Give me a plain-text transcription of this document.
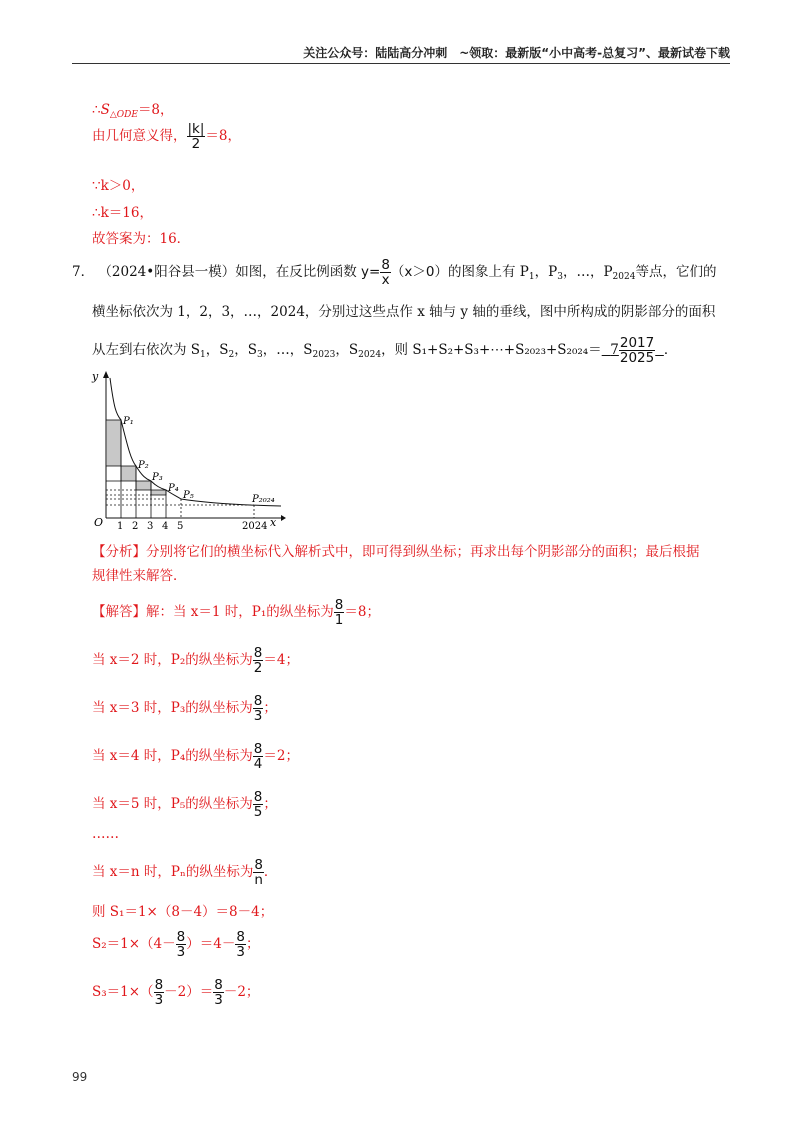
关注公众号：陆陆高分冲刺　~领取：最新版“小中高考-总复习”、最新试卷下载
$\therefore S_{\triangle ODE}=8$，
由几何意义得， $\frac{|k|}{2} =8$，
∵k＞0，
∴k＝16，
故答案为：16．
7． （2024•阳谷县一模）如图，在反比例函数 $y= \frac{8}{x} (x>0)$的图象上有 $P_1$，$P_3$，…，$P_{2024}$等点，它们的
横坐标依次为 1，2，3，…，2024，分别过这些点作 x 轴与 y 轴的垂线，图中所构成的阴影部分的面积
从左到右依次为 $S_1$，$S_2$，$S_3$，…，$S_{2023}$，$S_{2024}$，则 S₁+S₂+S₃+⋯+S₂₀₂₃+S₂₀₂₄＝ $7 \frac{2017}{2025}$ ．
y
x
O
P₁
P₂
P₃
P₄
P₅	P₂₀₂₄
1 2 3 4 5	2024
【分析】分别将它们的横坐标代入解析式中，即可得到纵坐标；再求出每个阴影部分的面积；最后根据
规律性来解答．
【解答】解：当 x＝1 时，P₁的纵坐标为 $\frac{8}{1} =8$；
当 x＝2 时，P₂的纵坐标为 $\frac{8}{2} =4$；
当 x＝3 时，P₃的纵坐标为 $\frac{8}{3}$ ；
当 x＝4 时，P₄的纵坐标为 $\frac{8}{4} =2$；
当 x＝5 时，P₅的纵坐标为 $\frac{8}{5}$ ；
……
当 x＝n 时，Pₙ的纵坐标为 $\frac{8}{n}$ ．
则 S₁＝1×（8－4）＝8－4；
$S_2=1\times(4- \frac{8}{3} )=4- \frac{8}{3}$ ；
$S_3=1\times( \frac{8}{3} -2)= \frac{8}{3} -2$；
99
